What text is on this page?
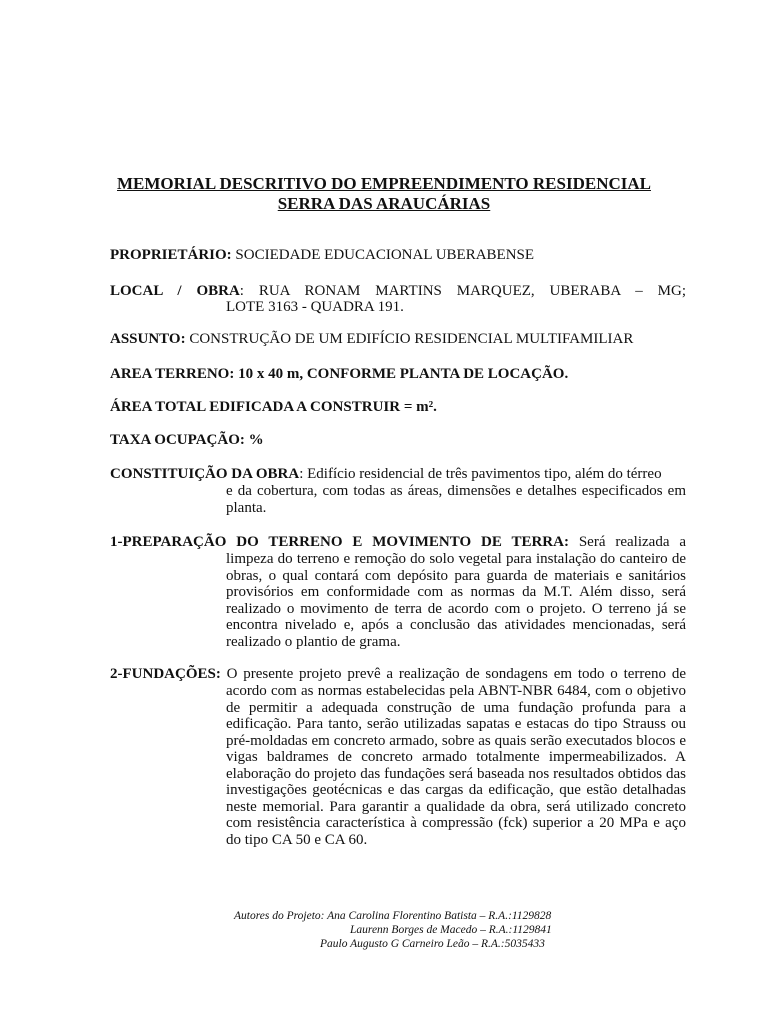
MEMORIAL DESCRITIVO DO EMPREENDIMENTO RESIDENCIAL
SERRA DAS ARAUCÁRIAS

PROPRIETÁRIO: SOCIEDADE EDUCACIONAL UBERABENSE

LOCAL / OBRA: RUA RONAM MARTINS MARQUEZ, UBERABA – MG;

LOTE 3163 - QUADRA 191.

ASSUNTO: CONSTRUÇÃO DE UM EDIFÍCIO RESIDENCIAL MULTIFAMILIAR

AREA TERRENO: 10 x 40 m, CONFORME PLANTA DE LOCAÇÃO.

ÁREA TOTAL EDIFICADA A CONSTRUIR = m².

TAXA OCUPAÇÃO: %

CONSTITUIÇÃO DA OBRA: Edifício residencial de três pavimentos tipo, além do térreo

e da cobertura, com todas as áreas, dimensões e detalhes especificados em planta.

1-PREPARAÇÃO DO TERRENO E MOVIMENTO DE TERRA: Será realizada a

limpeza do terreno e remoção do solo vegetal para instalação do canteiro de obras, o qual contará com depósito para guarda de materiais e sanitários provisórios em conformidade com as normas da M.T. Além disso, será realizado o movimento de terra de acordo com o projeto. O terreno já se encontra nivelado e, após a conclusão das atividades mencionadas, será realizado o plantio de grama.

2-FUNDAÇÕES: O presente projeto prevê a realização de sondagens em todo o terreno de

acordo com as normas estabelecidas pela ABNT-NBR 6484, com o objetivo de permitir a adequada construção de uma fundação profunda para a edificação. Para tanto, serão utilizadas sapatas e estacas do tipo Strauss ou pré-moldadas em concreto armado, sobre as quais serão executados blocos e vigas baldrames de concreto armado totalmente impermeabilizados. A elaboração do projeto das fundações será baseada nos resultados obtidos das investigações geotécnicas e das cargas da edificação, que estão detalhadas neste memorial. Para garantir a qualidade da obra, será utilizado concreto com resistência característica à compressão (fck) superior a 20 MPa e aço do tipo CA 50 e CA 60.

Autores do Projeto: Ana Carolina Florentino Batista – R.A.:1129828

Laurenn Borges de Macedo – R.A.:1129841

Paulo Augusto G Carneiro Leão – R.A.:5035433
